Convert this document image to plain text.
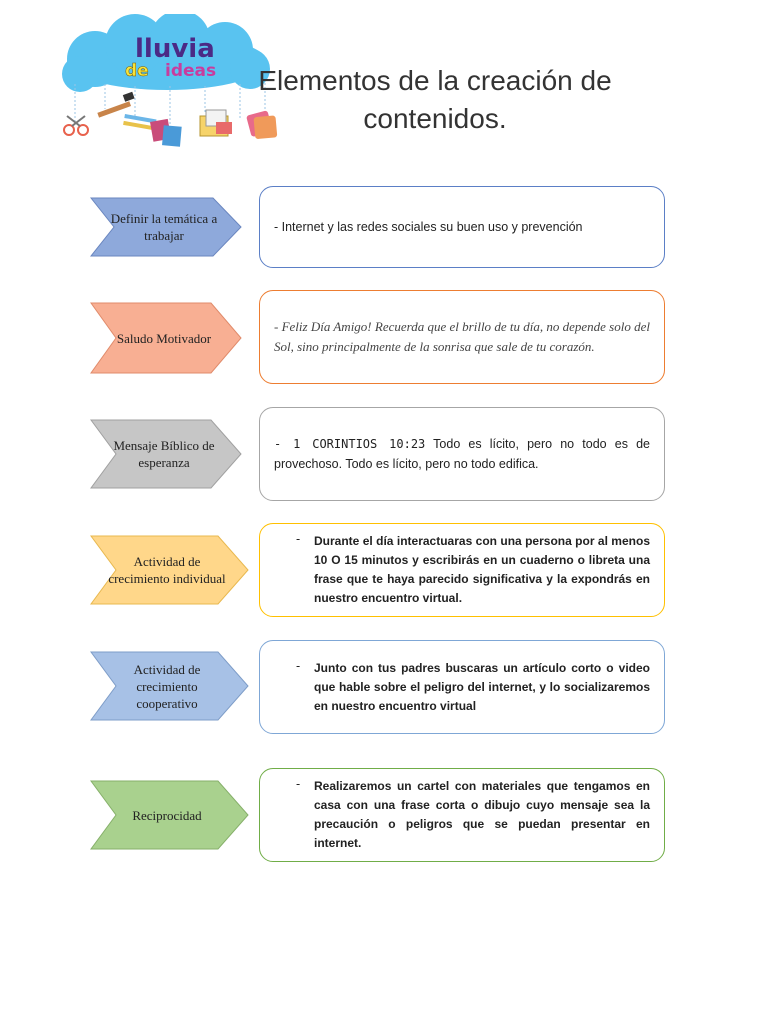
lluvia
de ideas Elementos de la creación de contenidos.
Definir la temática a trabajar
- Internet y las redes sociales su buen uso y prevención
Saludo Motivador
- Feliz Día Amigo! Recuerda que el brillo de tu día, no depende solo del Sol, sino principalmente de la sonrisa que sale de tu corazón.
Mensaje Bíblico de esperanza
- 1 CORINTIOS 10:23 Todo es lícito, pero no todo es de provechoso. Todo es lícito, pero no todo edifica.
Actividad de crecimiento individual
-	Durante el día interactuaras con una persona por al menos 10 O 15 minutos y escribirás en un cuaderno o libreta una frase que te haya parecido significativa y la expondrás en nuestro encuentro virtual.
Actividad de crecimiento cooperativo
-	Junto con tus padres buscaras un artículo corto o video que hable sobre el peligro del internet, y lo socializaremos en nuestro encuentro virtual
Reciprocidad
-	Realizaremos un cartel con materiales que tengamos en casa con una frase corta o dibujo cuyo mensaje sea la precaución o peligros que se puedan presentar en internet.
